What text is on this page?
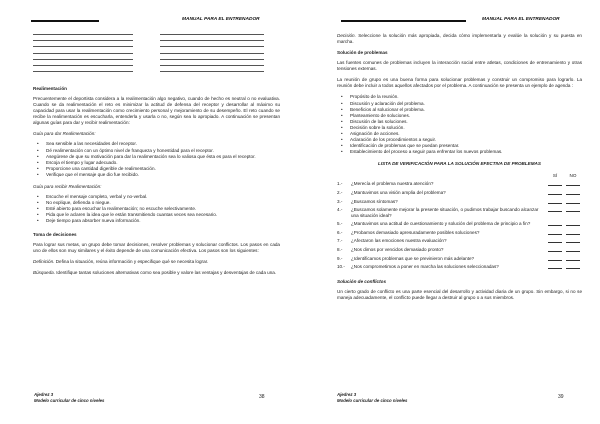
MANUAL PARA EL ENTRENADOR
Realimentación

Precuentemente el deportista considera a la realimentación algo negativo, cuando de hecho es neutral o no evaluativa. Cuando se da realimentación el reto es minimizar la actitud de defensa del receptor y desarrollar al máximo su capacidad para usar la realimentación como crecimiento personal y mejoramiento de su desempeño. El reto cuando se recibe la realimentación es escucharla, entenderla y usarla o no, según sea lo apropiado. A continuación se presentan algunas guías para dar y recibir realimentación:

Guía para dar Realimentación:
• Sea sensible a las necesidades del receptor.
• Dé realimentación con un óptimo nivel de franqueza y honestidad para el receptor.
• Asegúrese de que su motivación para dar la realimentación sea lo valiosa que ésta es para el receptor.
• Escoja el tiempo y lugar adecuado.
• Proporcione una cantidad digerible de realimentación.
• Verifique que el mensaje que dio fue recibido.
Guía para recibir Realimentación:
• Escuche el mensaje completo, verbal y no-verbal.
• No explique, defienda o niegue.
• Esté abierto para escuchar la realimentación; no escuche selectivamente.
• Pida que le aclaren la idea que le están transmitiendo cuantas veces sea necesario.
• Deje tiempo para absorber nueva información.
Toma de decisiones

Para lograr sus metas, un grupo debe tomar decisiones, resolver problemas y solucionar conflictos. Los pasos en cada uno de ellos son muy similares y el éxito depende de una comunicación efectiva. Los pasos son los siguientes:

Definición. Defina la situación, reúna información y especifique qué se necesita lograr.

Búsqueda. Identifique tantas soluciones alternativas como sea posible y valore las ventajas y desventajas de cada una.

Ajedrez 3
Modelo curricular de cinco niveles
38
MANUAL PARA EL ENTRENADOR

Decisión. Seleccione la solución más apropiada, decida cómo implementarla y evalúe la solución y su puesta en marcha.

Solución de problemas

Las fuentes comunes de problemas incluyen la interacción social entre atletas, condiciones de entrenamiento y otras tensiones externas.

La reunión de grupo es una buena forma para solucionar problemas y construir un compromiso para lograrlo. La reunión debe incluir a todos aquellos afectados por el problema. A continuación se presenta un ejemplo de agenda :

• Propósito de la reunión.
• Discusión y aclaración del problema.
• Beneficios al solucionar el problema.
• Planteamiento de soluciones.
• Discusión de las soluciones.
• Decisión sobre la solución.
• Asignación de acciones.
• Aclaración de los procedimientos a seguir.
• Identificación de problemas que se puedan presentar.
• Establecimiento del proceso a seguir para enfrentar los nuevos problemas.
LISTA DE VERIFICACIÓN PARA LA SOLUCIÓN EFECTIVA DE PROBLEMAS
SÍ	NO
1.-	¿Merecía el problema nuestra atención?		
2.-	¿Mantuvimos una visión amplia del problema?		
3.-	¿Buscamos síntomas?		
4.-	¿Buscamos solamente mejorar la presente situación, o pudimos trabajar buscando alcanzar una situación ideal?		
5.-	¿Mantuvimos una actitud de cuestionamiento y solución del problema de principio a fin?		
6.-	¿Probamos demasiado apresuradamente posibles soluciones?		
7.-	¿Afectaron las emociones nuestra evaluación?		
8.-	¿Nos dimos por vencidos demasiado pronto?		
9.-	¿Identificamos problemas que se previnieron más adelante?		
10.-	¿Nos comprometimos a poner en marcha las soluciones seleccionadas?		
Solución de conflictos

Un cierto grado de conflicto es una parte esencial del desarrollo y actividad diaria de un grupo. Sin embargo, si no se maneja adecuadamente, el conflicto puede llegar a destruir al grupo o a sus miembros.

Ajedrez 3
Modelo curricular de cinco niveles
39
